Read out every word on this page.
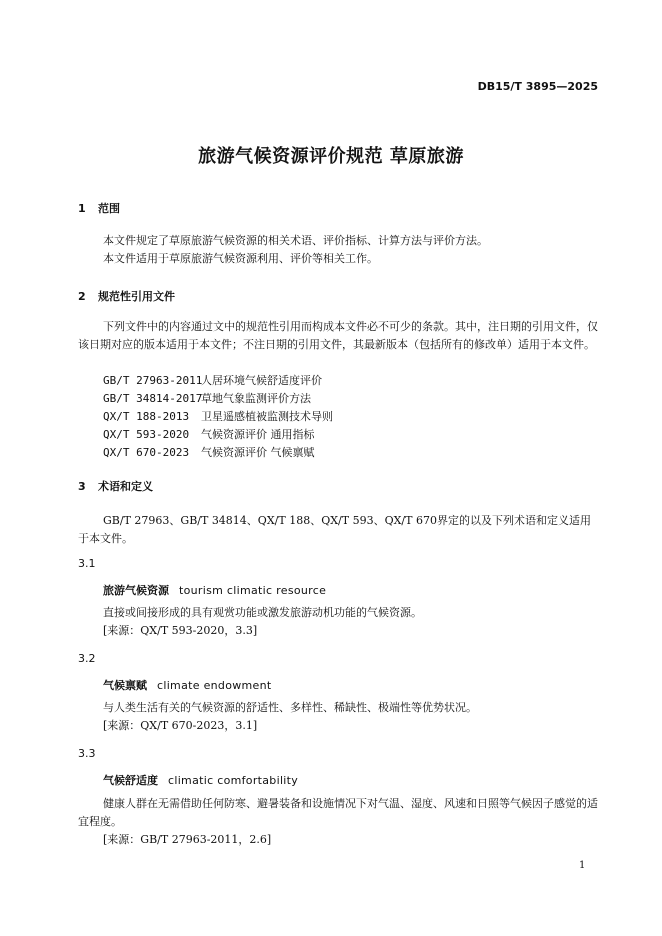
DB15/T 3895—2025
旅游气候资源评价规范 草原旅游
1 范围
本文件规定了草原旅游气候资源的相关术语、评价指标、计算方法与评价方法。
本文件适用于草原旅游气候资源利用、评价等相关工作。
2 规范性引用文件
下列文件中的内容通过文中的规范性引用而构成本文件必不可少的条款。其中，注日期的引用文件，仅该日期对应的版本适用于本文件；不注日期的引用文件，其最新版本（包括所有的修改单）适用于本文件。
GB/T 27963-2011人居环境气候舒适度评价
GB/T 34814-2017草地气象监测评价方法
QX/T 188-2013 卫星遥感植被监测技术导则
QX/T 593-2020 气候资源评价 通用指标
QX/T 670-2023 气候资源评价 气候禀赋
3 术语和定义
GB/T 27963、GB/T 34814、QX/T 188、QX/T 593、QX/T 670界定的以及下列术语和定义适用于本文件。
3.1
旅游气候资源 tourism climatic resource
直接或间接形成的具有观赏功能或激发旅游动机功能的气候资源。
[来源：QX/T 593-2020，3.3]
3.2
气候禀赋 climate endowment
与人类生活有关的气候资源的舒适性、多样性、稀缺性、极端性等优势状况。
[来源：QX/T 670-2023，3.1]
3.3
气候舒适度 climatic comfortability
健康人群在无需借助任何防寒、避暑装备和设施情况下对气温、湿度、风速和日照等气候因子感觉的适宜程度。
[来源：GB/T 27963-2011，2.6]
1
